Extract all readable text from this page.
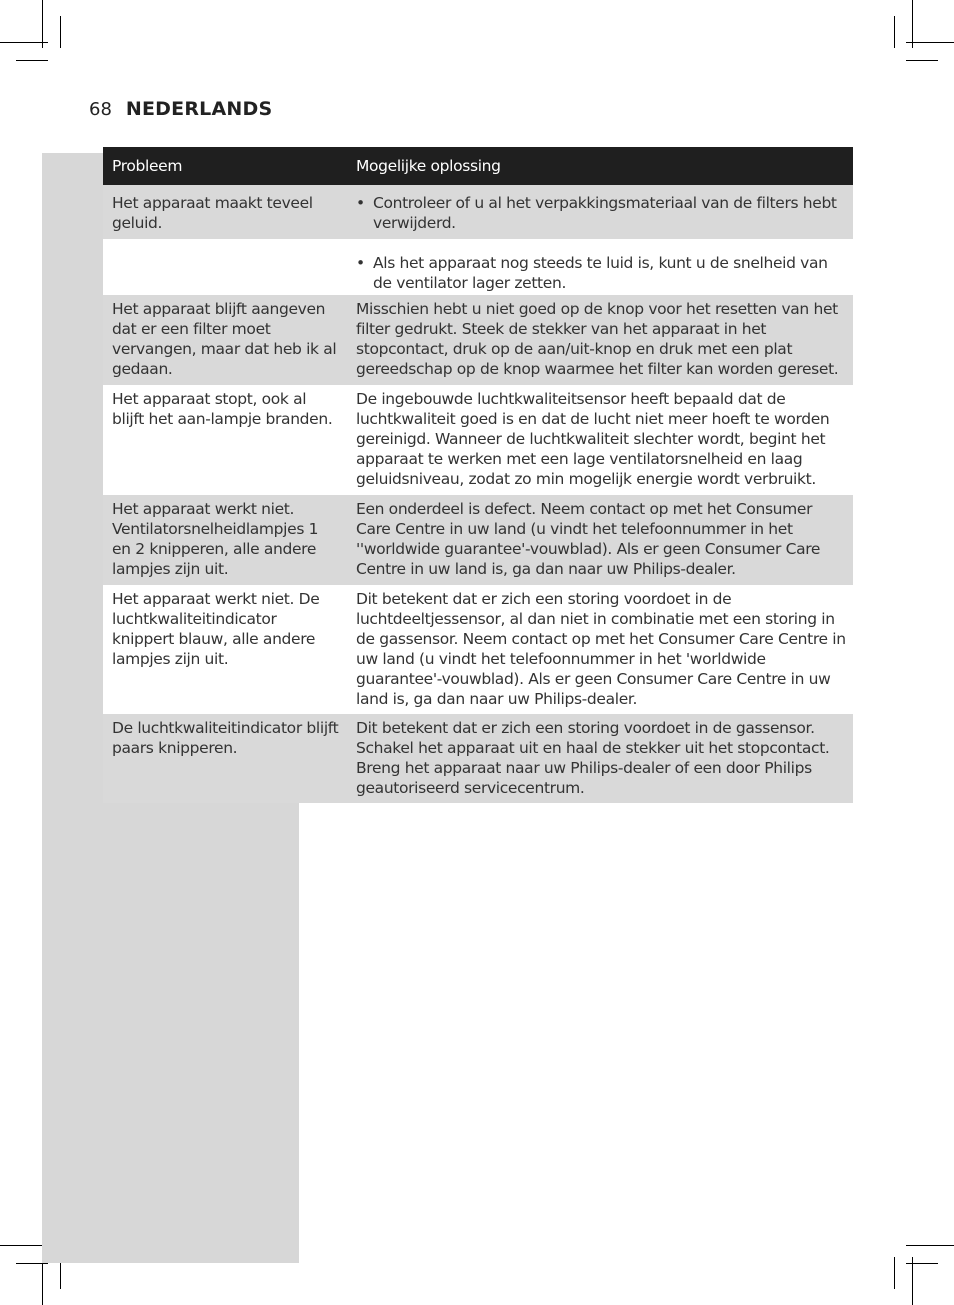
68 NEDERLANDS
Probleem	Mogelijke oplossing
Het apparaat maakt teveel geluid.
• Controleer of u al het verpakkingsmateriaal van de filters hebt verwijderd.
• Als het apparaat nog steeds te luid is, kunt u de snelheid van de ventilator lager zetten.
Het apparaat blijft aangeven dat er een filter moet vervangen, maar dat heb ik al gedaan.
Misschien hebt u niet goed op de knop voor het resetten van het filter gedrukt. Steek de stekker van het apparaat in het stopcontact, druk op de aan/uit-knop en druk met een plat gereedschap op de knop waarmee het filter kan worden gereset.
Het apparaat stopt, ook al blijft het aan-lampje branden.
De ingebouwde luchtkwaliteitsensor heeft bepaald dat de luchtkwaliteit goed is en dat de lucht niet meer hoeft te worden gereinigd. Wanneer de luchtkwaliteit slechter wordt, begint het apparaat te werken met een lage ventilatorsnelheid en laag geluidsniveau, zodat zo min mogelijk energie wordt verbruikt.
Het apparaat werkt niet. Ventilatorsnelheidlampjes 1 en 2 knipperen, alle andere lampjes zijn uit.
Een onderdeel is defect. Neem contact op met het Consumer Care Centre in uw land (u vindt het telefoonnummer in het ''worldwide guarantee'-vouwblad). Als er geen Consumer Care Centre in uw land is, ga dan naar uw Philips-dealer.
Het apparaat werkt niet. De luchtkwaliteitindicator knippert blauw, alle andere lampjes zijn uit.
Dit betekent dat er zich een storing voordoet in de luchtdeeltjessensor, al dan niet in combinatie met een storing in de gassensor. Neem contact op met het Consumer Care Centre in uw land (u vindt het telefoonnummer in het 'worldwide guarantee'-vouwblad). Als er geen Consumer Care Centre in uw land is, ga dan naar uw Philips-dealer.
De luchtkwaliteitindicator blijft paars knipperen.
Dit betekent dat er zich een storing voordoet in de gassensor. Schakel het apparaat uit en haal de stekker uit het stopcontact. Breng het apparaat naar uw Philips-dealer of een door Philips geautoriseerd servicecentrum.
